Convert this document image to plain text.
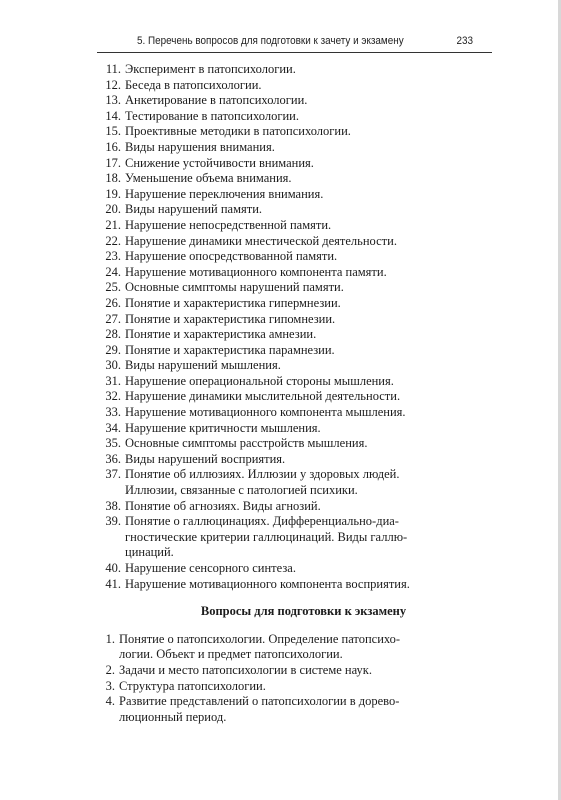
5. Перечень вопросов для подготовки к зачету и экзамену	233
11. Эксперимент в патопсихологии.
12. Беседа в патопсихологии.
13. Анкетирование в патопсихологии.
14. Тестирование в патопсихологии.
15. Проективные методики в патопсихологии.
16. Виды нарушения внимания.
17. Снижение устойчивости внимания.
18. Уменьшение объема внимания.
19. Нарушение переключения внимания.
20. Виды нарушений памяти.
21. Нарушение непосредственной памяти.
22. Нарушение динамики мнестической деятельности.
23. Нарушение опосредствованной памяти.
24. Нарушение мотивационного компонента памяти.
25. Основные симптомы нарушений памяти.
26. Понятие и характеристика гипермнезии.
27. Понятие и характеристика гипомнезии.
28. Понятие и характеристика амнезии.
29. Понятие и характеристика парамнезии.
30. Виды нарушений мышления.
31. Нарушение операциональной стороны мышления.
32. Нарушение динамики мыслительной деятельности.
33. Нарушение мотивационного компонента мышления.
34. Нарушение критичности мышления.
35. Основные симптомы расстройств мышления.
36. Виды нарушений восприятия.
37. Понятие об иллюзиях. Иллюзии у здоровых людей.
Иллюзии, связанные с патологией психики.
38. Понятие об агнозиях. Виды агнозий.
39. Понятие о галлюцинациях. Дифференциально-диа-
гностические критерии галлюцинаций. Виды галлю-
цинаций.
40. Нарушение сенсорного синтеза.
41. Нарушение мотивационного компонента восприятия.
Вопросы для подготовки к экзамену
1. Понятие о патопсихологии. Определение патопсихо-
логии. Объект и предмет патопсихологии.
2. Задачи и место патопсихологии в системе наук.
3. Структура патопсихологии.
4. Развитие представлений о патопсихологии в дорево-
люционный период.
